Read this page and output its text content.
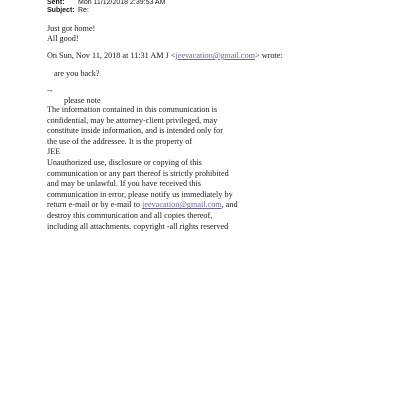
Sent: Mon 11/12/2018 2:39:53 AM
Subject: Re:

Just got home!

All good!

On Sun, Nov 11, 2018 at 11:31 AM J <jeevacation@gmail.com> wrote:

are you back?

--

please note

The information contained in this communication is

confidential, may be attorney-client privileged, may

constitute inside information, and is intended only for

the use of the addressee. It is the property of

JEE

Unauthorized use, disclosure or copying of this

communication or any part thereof is strictly prohibited

and may be unlawful. If you have received this

communication in error, please notify us immediately by

return e-mail or by e-mail to jeevacation@gmail.com, and

destroy this communication and all copies thereof,

including all attachments. copyright -all rights reserved
